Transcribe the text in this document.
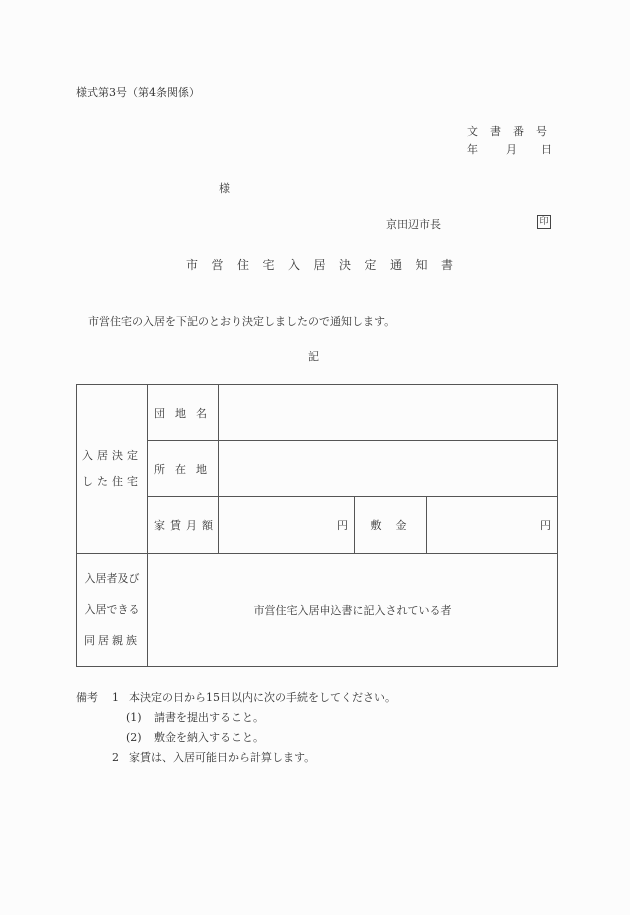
様式第3号（第4条関係）
文書番号
年	月 日
様
京田辺市長	印
市営住宅入居決定通知書
市営住宅の入居を下記のとおり決定しましたので通知します。
記
入居決定
した住宅	団地名			
	所在地			
	家賃月額	円	敷金	円

入居者及び
入居できる
同居親族	市営住宅入居申込書に記入されている者			
備考 1 本決定の日から15日以内に次の手続をしてください。
(1) 請書を提出すること。
(2) 敷金を納入すること。
2 家賃は、入居可能日から計算します。
